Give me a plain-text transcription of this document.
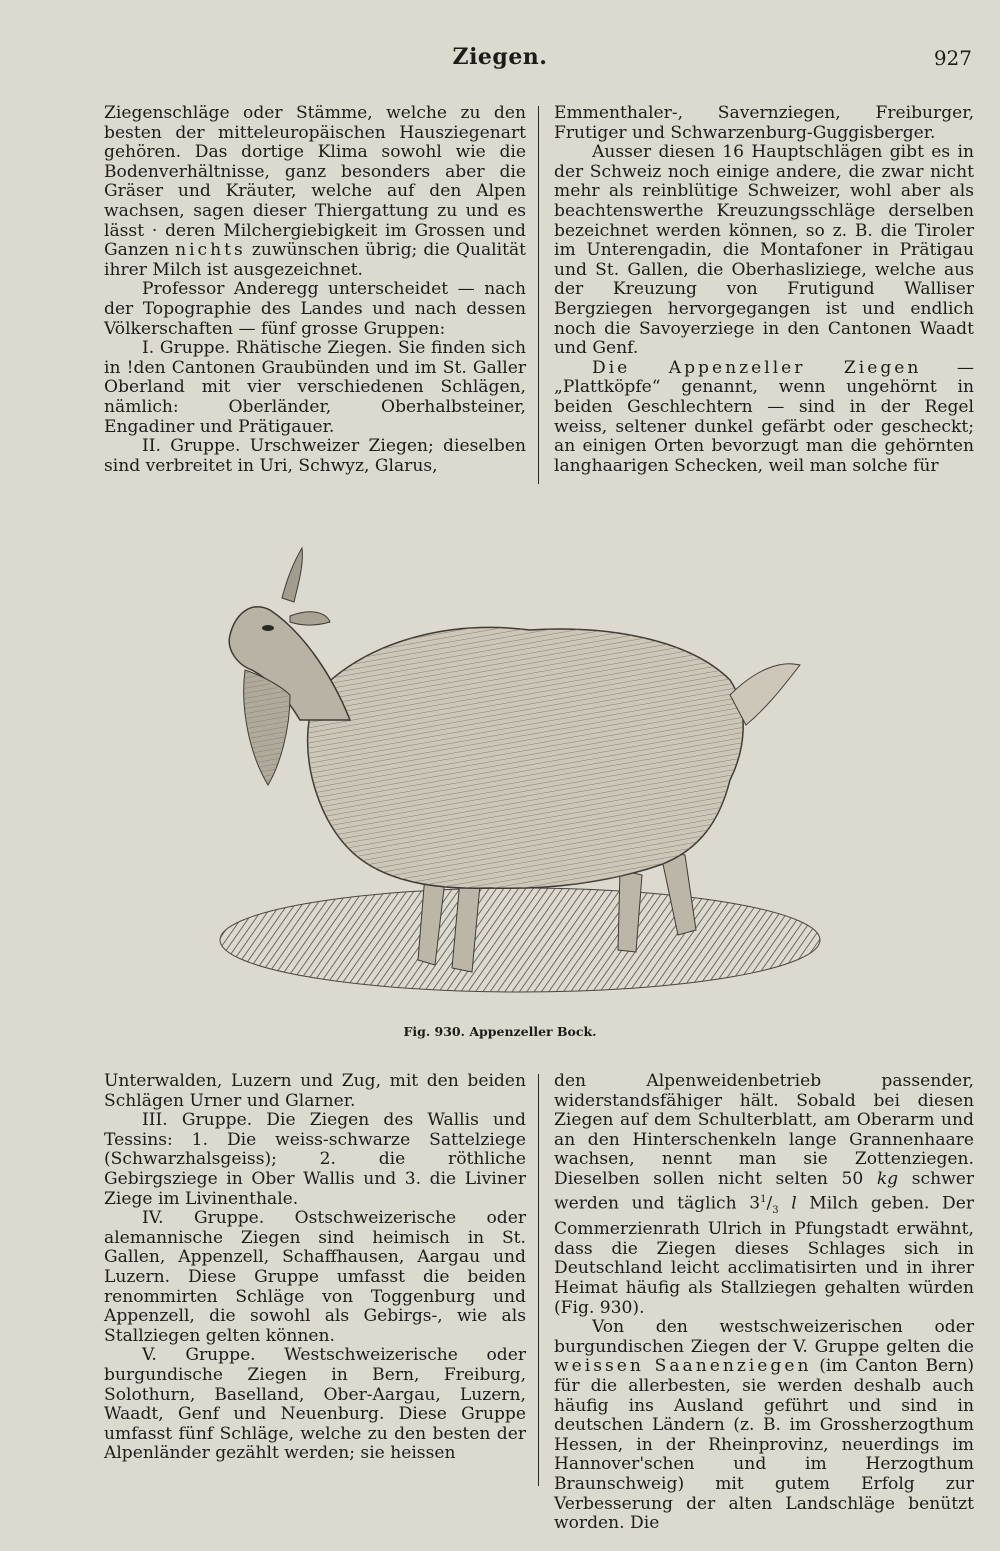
Ziegen.	927

Ziegenschläge oder Stämme, welche zu den besten der mitteleuropäischen Hausziegenart gehören. Das dortige Klima sowohl wie die Bodenverhältnisse, ganz besonders aber die Gräser und Kräuter, welche auf den Alpen wachsen, sagen dieser Thiergattung zu und es lässt · deren Milchergiebigkeit im Grossen und Ganzen nichts zuwünschen übrig; die Qualität ihrer Milch ist ausgezeichnet.

Professor Anderegg unterscheidet — nach der Topographie des Landes und nach dessen Völkerschaften — fünf grosse Gruppen:

I. Gruppe. Rhätische Ziegen. Sie finden sich in !den Cantonen Graubünden und im St. Galler Oberland mit vier verschiedenen Schlägen, nämlich: Oberländer, Oberhalbsteiner, Engadiner und Prätigauer.

II. Gruppe. Urschweizer Ziegen; dieselben sind verbreitet in Uri, Schwyz, Glarus,

Emmenthaler-, Savernziegen, Freiburger, Frutiger und Schwarzenburg-Guggisberger.

Ausser diesen 16 Hauptschlägen gibt es in der Schweiz noch einige andere, die zwar nicht mehr als reinblütige Schweizer, wohl aber als beachtenswerthe Kreuzungsschläge derselben bezeichnet werden können, so z. B. die Tiroler im Unterengadin, die Montafoner in Prätigau und St. Gallen, die Oberhasliziege, welche aus der Kreuzung von Frutigund Walliser Bergziegen hervorgegangen ist und endlich noch die Savoyerziege in den Cantonen Waadt und Genf.

Die Appenzeller Ziegen — „Plattköpfe“ genannt, wenn ungehörnt in beiden Geschlechtern — sind in der Regel weiss, seltener dunkel gefärbt oder gescheckt; an einigen Orten bevorzugt man die gehörnten langhaarigen Schecken, weil man solche für

Fig. 930. Appenzeller Bock.

Unterwalden, Luzern und Zug, mit den beiden Schlägen Urner und Glarner.

III. Gruppe. Die Ziegen des Wallis und Tessins: 1. Die weiss-schwarze Sattelziege (Schwarzhalsgeiss); 2. die röthliche Gebirgsziege in Ober Wallis und 3. die Liviner Ziege im Livinenthale.

IV. Gruppe. Ostschweizerische oder alemannische Ziegen sind heimisch in St. Gallen, Appenzell, Schaffhausen, Aargau und Luzern. Diese Gruppe umfasst die beiden renommirten Schläge von Toggenburg und Appenzell, die sowohl als Gebirgs-, wie als Stallziegen gelten können.

V. Gruppe. Westschweizerische oder burgundische Ziegen in Bern, Freiburg, Solothurn, Baselland, Ober-Aargau, Luzern, Waadt, Genf und Neuenburg. Diese Gruppe umfasst fünf Schläge, welche zu den besten der Alpenländer gezählt werden; sie heissen

den Alpenweidenbetrieb passender, widerstandsfähiger hält. Sobald bei diesen Ziegen auf dem Schulterblatt, am Oberarm und an den Hinterschenkeln lange Grannenhaare wachsen, nennt man sie Zottenziegen. Dieselben sollen nicht selten 50 kg schwer werden und täglich $3^1/_3$ l Milch geben. Der Commerzienrath Ulrich in Pfungstadt erwähnt, dass die Ziegen dieses Schlages sich in Deutschland leicht acclimatisirten und in ihrer Heimat häufig als Stallziegen gehalten würden (Fig. 930).

Von den westschweizerischen oder burgundischen Ziegen der V. Gruppe gelten die weissen Saanenziegen (im Canton Bern) für die allerbesten, sie werden deshalb auch häufig ins Ausland geführt und sind in deutschen Ländern (z. B. im Grossherzogthum Hessen, in der Rheinprovinz, neuerdings im Hannover'schen und im Herzogthum Braunschweig) mit gutem Erfolg zur Verbesserung der alten Landschläge benützt worden. Die
